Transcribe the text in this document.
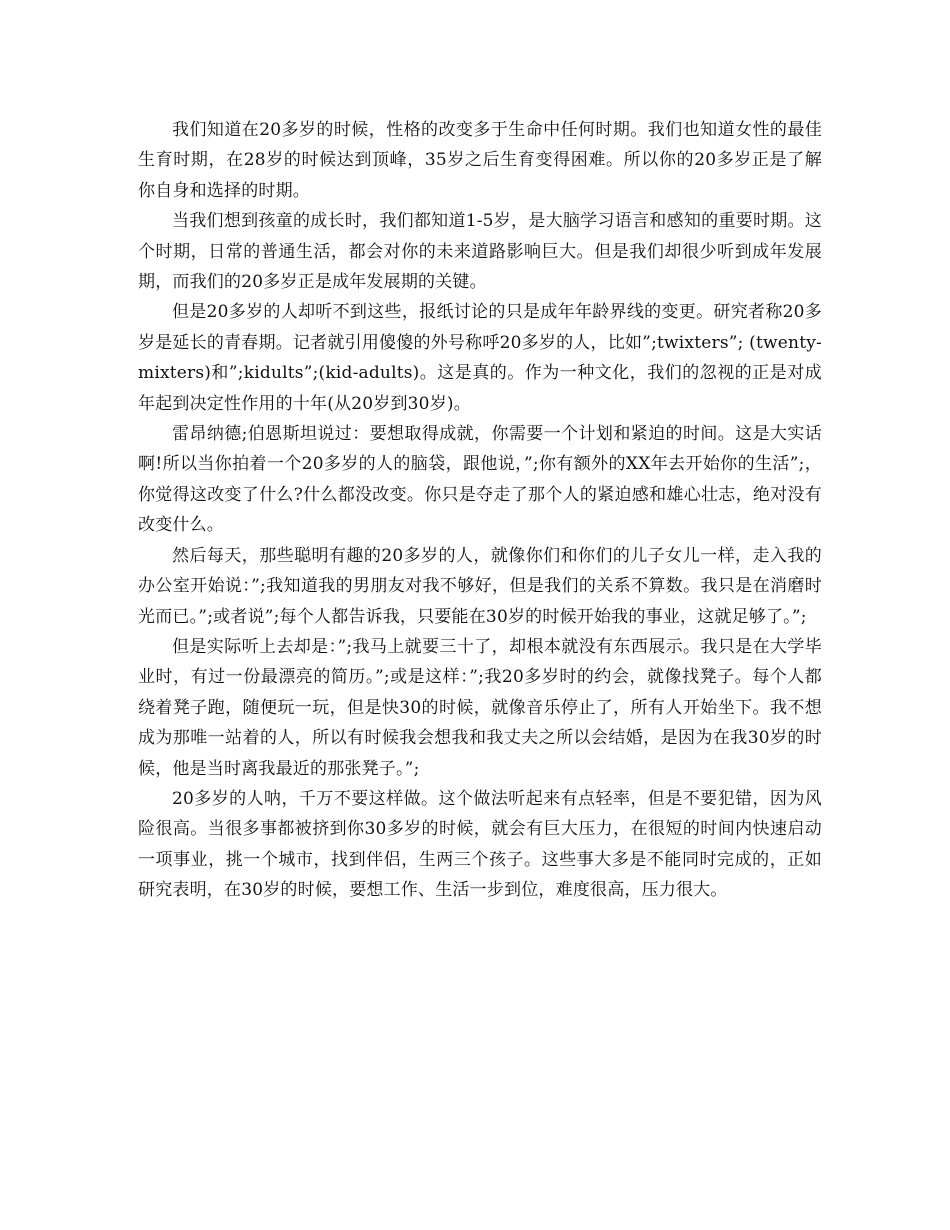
我们知道在20多岁的时候，性格的改变多于生命中任何时期。我们也知道女性的最佳生育时期，在28岁的时候达到顶峰，35岁之后生育变得困难。所以你的20多岁正是了解你自身和选择的时期。

当我们想到孩童的成长时，我们都知道1-5岁，是大脑学习语言和感知的重要时期。这个时期，日常的普通生活，都会对你的未来道路影响巨大。但是我们却很少听到成年发展期，而我们的20多岁正是成年发展期的关键。

但是20多岁的人却听不到这些，报纸讨论的只是成年年龄界线的变更。研究者称20多岁是延长的青春期。记者就引用傻傻的外号称呼20多岁的人，比如”;twixters”; (twenty-mixters)和”;kidults”;(kid-adults)。这是真的。作为一种文化，我们的忽视的正是对成年起到决定性作用的十年(从20岁到30岁)。

雷昂纳德;伯恩斯坦说过：要想取得成就，你需要一个计划和紧迫的时间。这是大实话啊!所以当你拍着一个20多岁的人的脑袋，跟他说，”;你有额外的XX年去开始你的生活”;，你觉得这改变了什么?什么都没改变。你只是夺走了那个人的紧迫感和雄心壮志，绝对没有改变什么。

然后每天，那些聪明有趣的20多岁的人，就像你们和你们的儿子女儿一样，走入我的办公室开始说：”;我知道我的男朋友对我不够好，但是我们的关系不算数。我只是在消磨时光而已。”;或者说”;每个人都告诉我，只要能在30岁的时候开始我的事业，这就足够了。”;

但是实际听上去却是：”;我马上就要三十了，却根本就没有东西展示。我只是在大学毕业时，有过一份最漂亮的简历。”;或是这样：”;我20多岁时的约会，就像找凳子。每个人都绕着凳子跑，随便玩一玩，但是快30的时候，就像音乐停止了，所有人开始坐下。我不想成为那唯一站着的人，所以有时候我会想我和我丈夫之所以会结婚，是因为在我30岁的时候，他是当时离我最近的那张凳子。”;

20多岁的人呐，千万不要这样做。这个做法听起来有点轻率，但是不要犯错，因为风险很高。当很多事都被挤到你30多岁的时候，就会有巨大压力，在很短的时间内快速启动一项事业，挑一个城市，找到伴侣，生两三个孩子。这些事大多是不能同时完成的，正如研究表明，在30岁的时候，要想工作、生活一步到位，难度很高，压力很大。
